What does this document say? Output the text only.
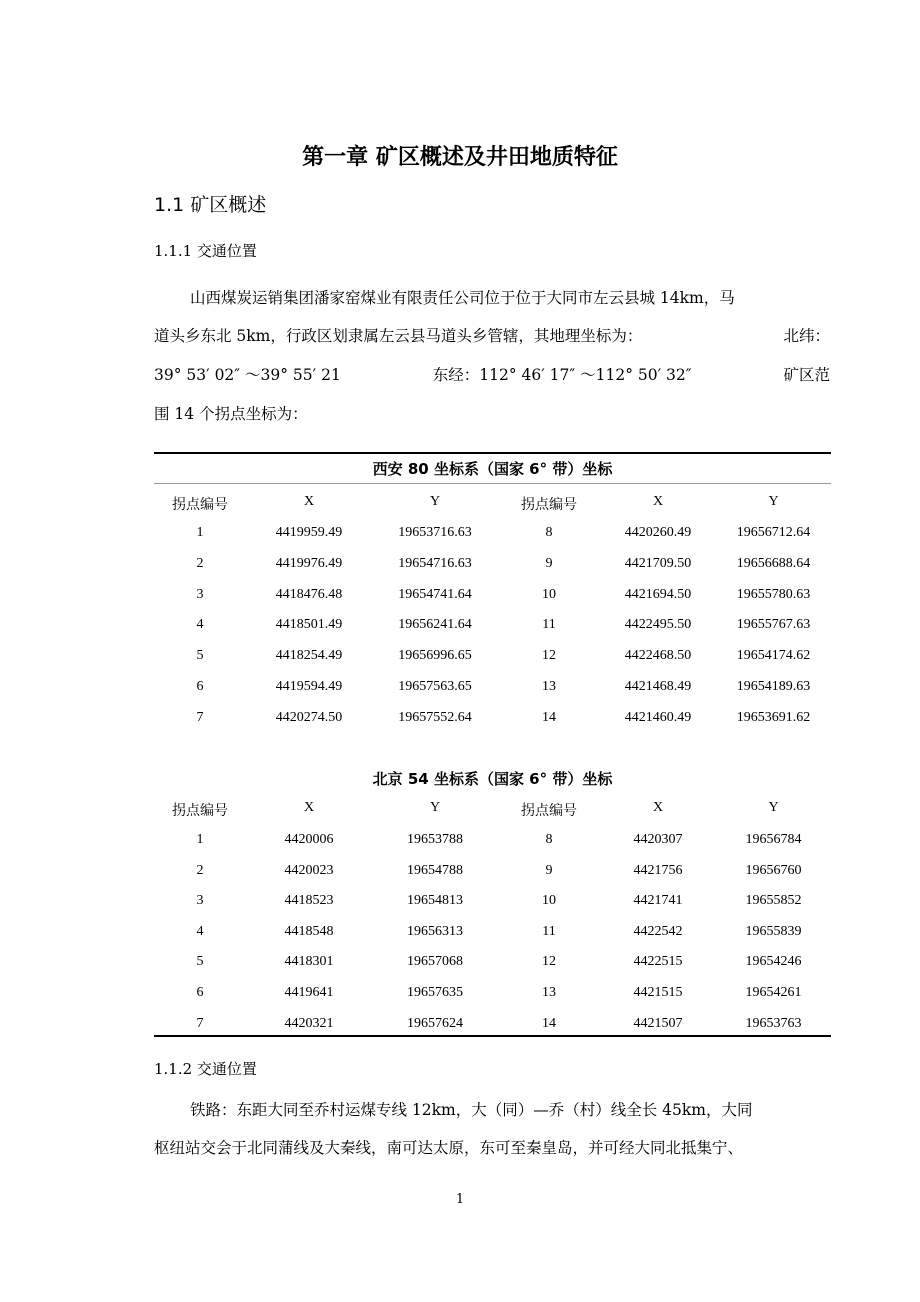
第一章 矿区概述及井田地质特征
1.1 矿区概述
1.1.1 交通位置
山西煤炭运销集团潘家窑煤业有限责任公司位于位于大同市左云县城 14km，马
道头乡东北 5km，行政区划隶属左云县马道头乡管辖，其地理坐标为：	北纬：
39° 53′ 02″ ～39° 55′ 21	东经：112° 46′ 17″ ～112° 50′ 32″	矿区范
围 14 个拐点坐标为：
西安 80 坐标系（国家 6° 带）坐标
拐点编号	X	Y	拐点编号	X	Y
1	4419959.49	19653716.63	8	4420260.49	19656712.64
2	4419976.49	19654716.63	9	4421709.50	19656688.64
3	4418476.48	19654741.64	10	4421694.50	19655780.63
4	4418501.49	19656241.64	11	4422495.50	19655767.63
5	4418254.49	19656996.65	12	4422468.50	19654174.62
6	4419594.49	19657563.65	13	4421468.49	19654189.63
7	4420274.50	19657552.64	14	4421460.49	19653691.62
北京 54 坐标系（国家 6° 带）坐标
拐点编号	X	Y	拐点编号	X	Y
1	4420006	19653788	8	4420307	19656784
2	4420023	19654788	9	4421756	19656760
3	4418523	19654813	10	4421741	19655852
4	4418548	19656313	11	4422542	19655839
5	4418301	19657068	12	4422515	19654246
6	4419641	19657635	13	4421515	19654261
7	4420321	19657624	14	4421507	19653763
1.1.2 交通位置
铁路：东距大同至乔村运煤专线 12km，大（同）—乔（村）线全长 45km，大同
枢纽站交会于北同蒲线及大秦线，南可达太原，东可至秦皇岛，并可经大同北抵集宁、
1
